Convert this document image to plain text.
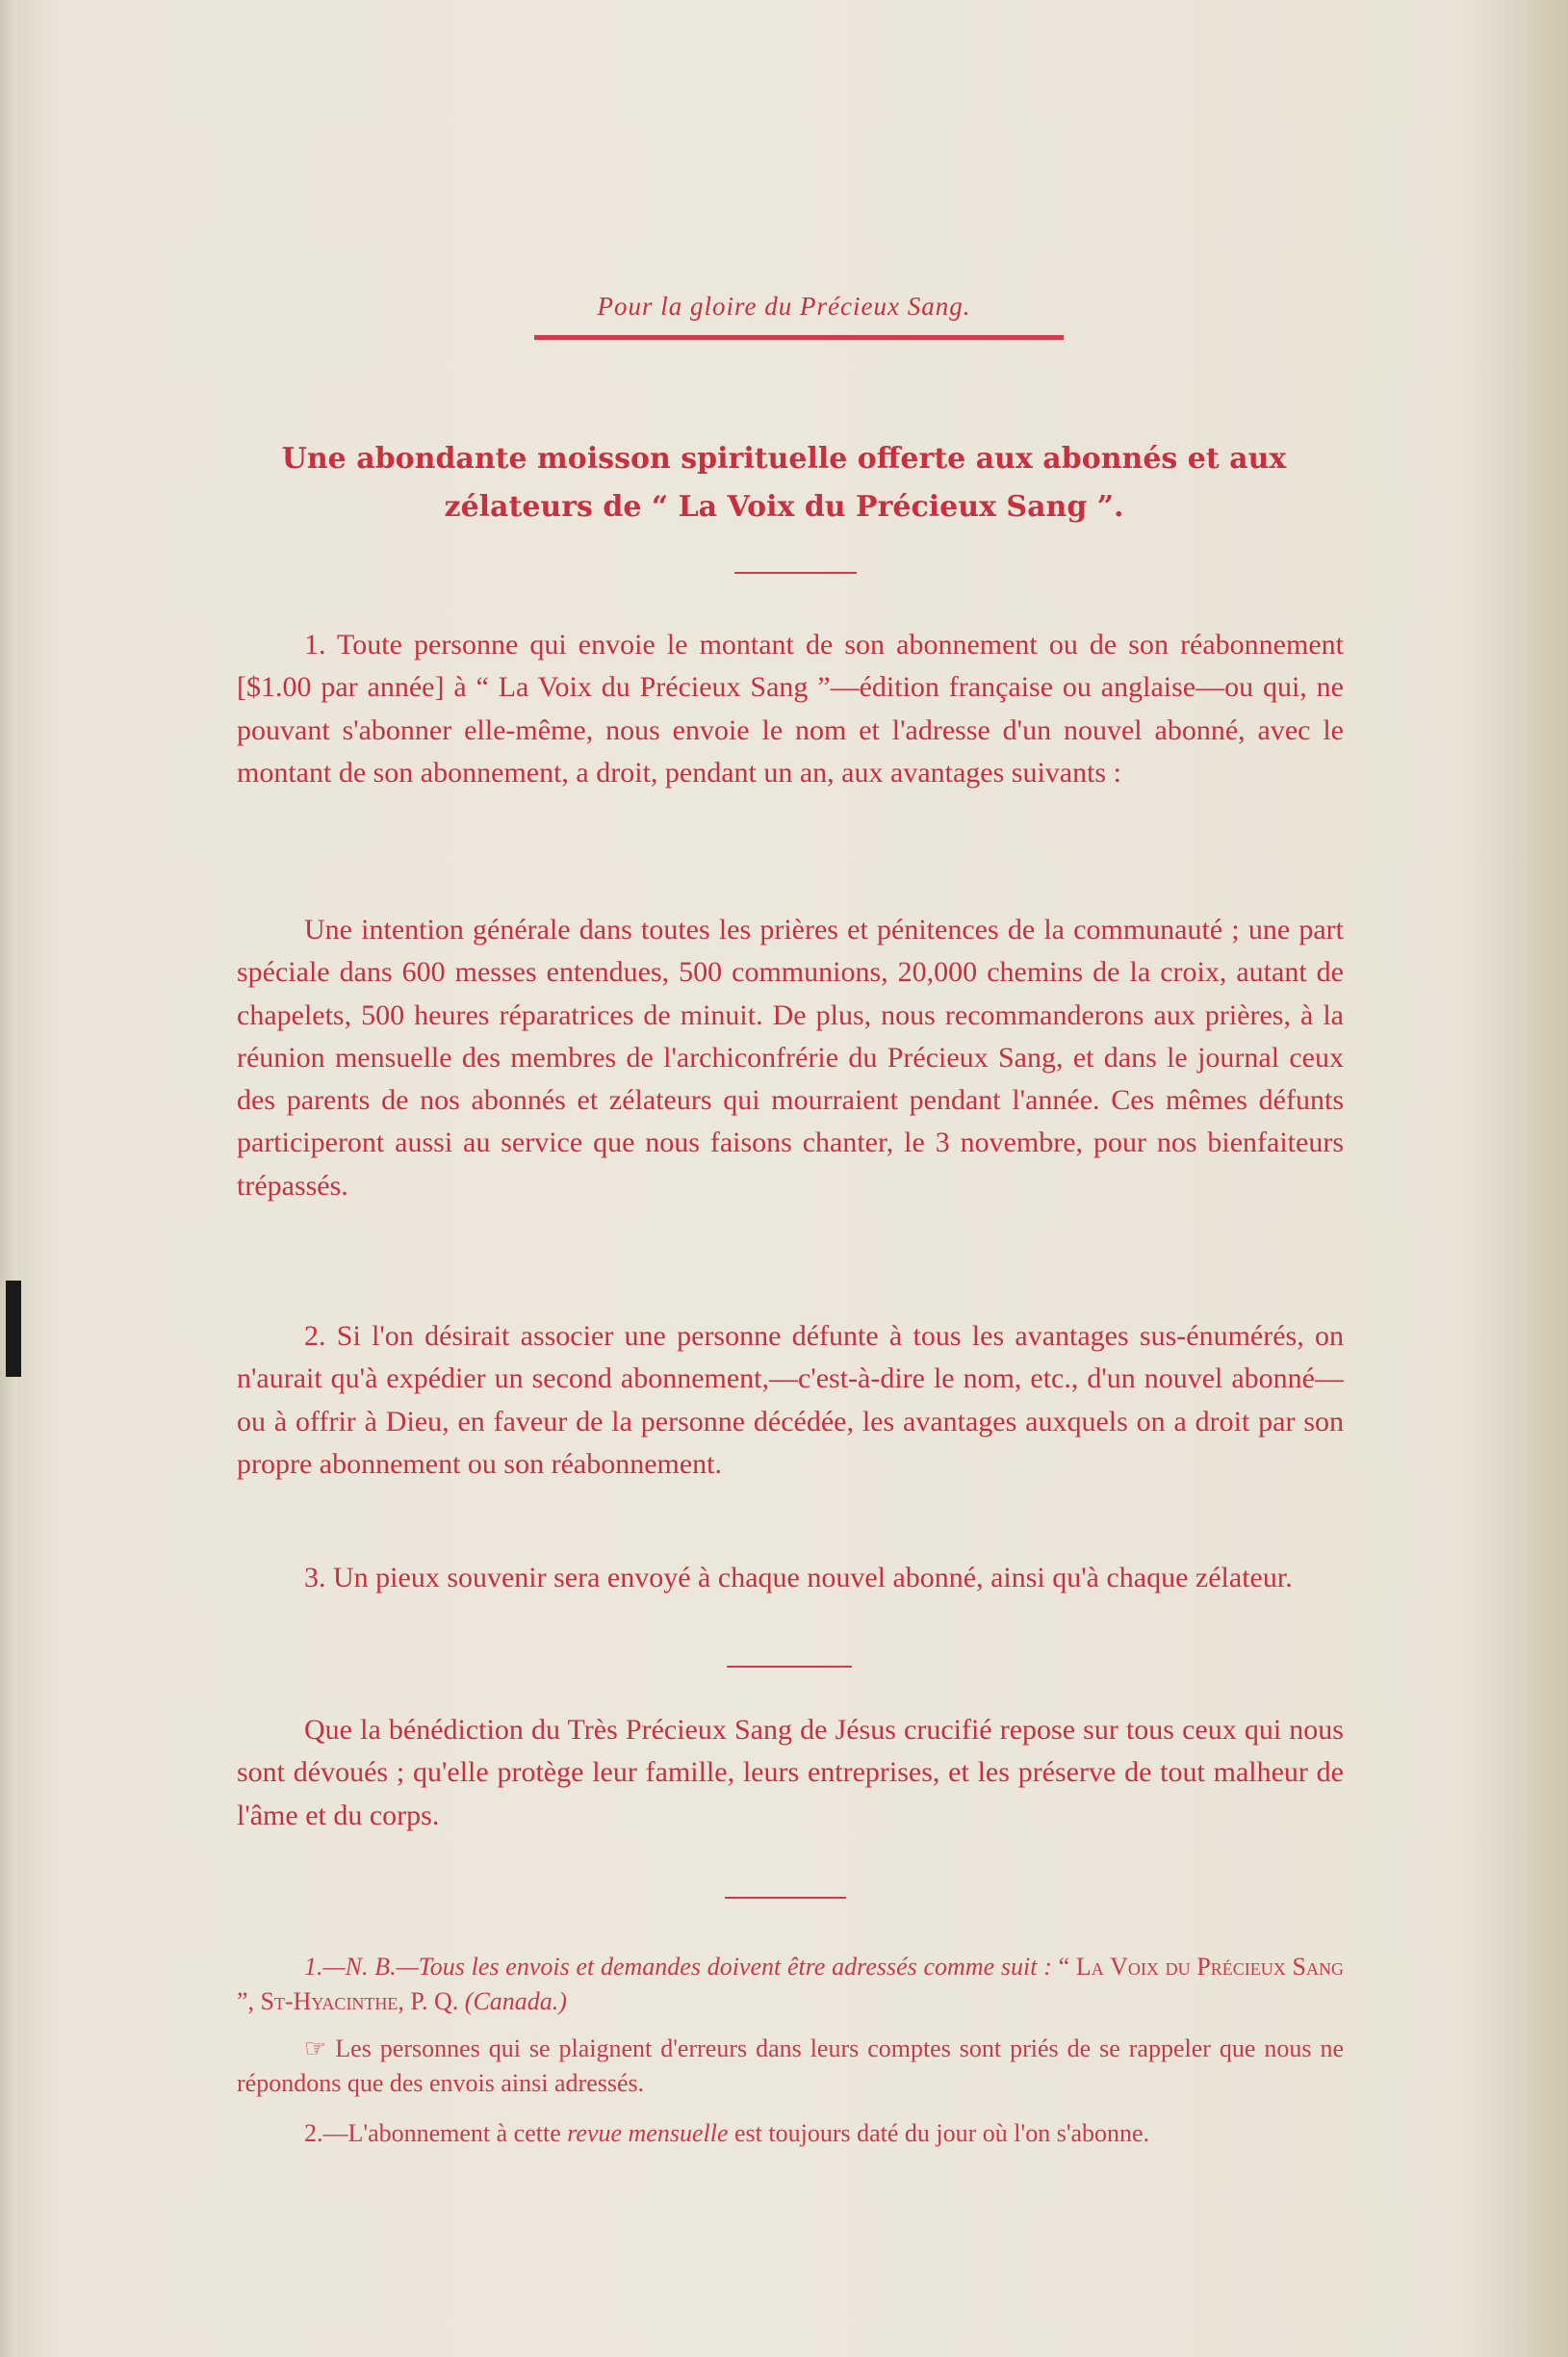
Pour la gloire du Précieux Sang.
Une abondante moisson spirituelle offerte aux abonnés et aux
zélateurs de “ La Voix du Précieux Sang ”.

1. Toute personne qui envoie le montant de son abonnement ou de son réabonnement [$1.00 par année] à “ La Voix du Précieux Sang ”—édition française ou anglaise—ou qui, ne pouvant s'abonner elle-même, nous envoie le nom et l'adresse d'un nouvel abonné, avec le montant de son abonnement, a droit, pendant un an, aux avantages suivants :

Une intention générale dans toutes les prières et pénitences de la communauté ; une part spéciale dans 600 messes entendues, 500 communions, 20,000 chemins de la croix, autant de chapelets, 500 heures réparatrices de minuit. De plus, nous recommanderons aux prières, à la réunion mensuelle des membres de l'archiconfrérie du Précieux Sang, et dans le journal ceux des parents de nos abonnés et zélateurs qui mourraient pendant l'année. Ces mêmes défunts participeront aussi au service que nous faisons chanter, le 3 novembre, pour nos bienfaiteurs trépassés.

2. Si l'on désirait associer une personne défunte à tous les avantages sus-énumérés, on n'aurait qu'à expédier un second abonnement,—c'est-à-dire le nom, etc., d'un nouvel abonné—ou à offrir à Dieu, en faveur de la personne décédée, les avantages auxquels on a droit par son propre abonnement ou son réabonnement.

3. Un pieux souvenir sera envoyé à chaque nouvel abonné, ainsi qu'à chaque zélateur.

Que la bénédiction du Très Précieux Sang de Jésus crucifié repose sur tous ceux qui nous sont dévoués ; qu'elle protège leur famille, leurs entreprises, et les préserve de tout malheur de l'âme et du corps.

1.—N. B.—Tous les envois et demandes doivent être adressés comme suit : “ La Voix du Précieux Sang ”, St-Hyacinthe, P. Q. (Canada.)

☞ Les personnes qui se plaignent d'erreurs dans leurs comptes sont priés de se rappeler que nous ne répondons que des envois ainsi adressés.

2.—L'abonnement à cette revue mensuelle est toujours daté du jour où l'on s'abonne.
